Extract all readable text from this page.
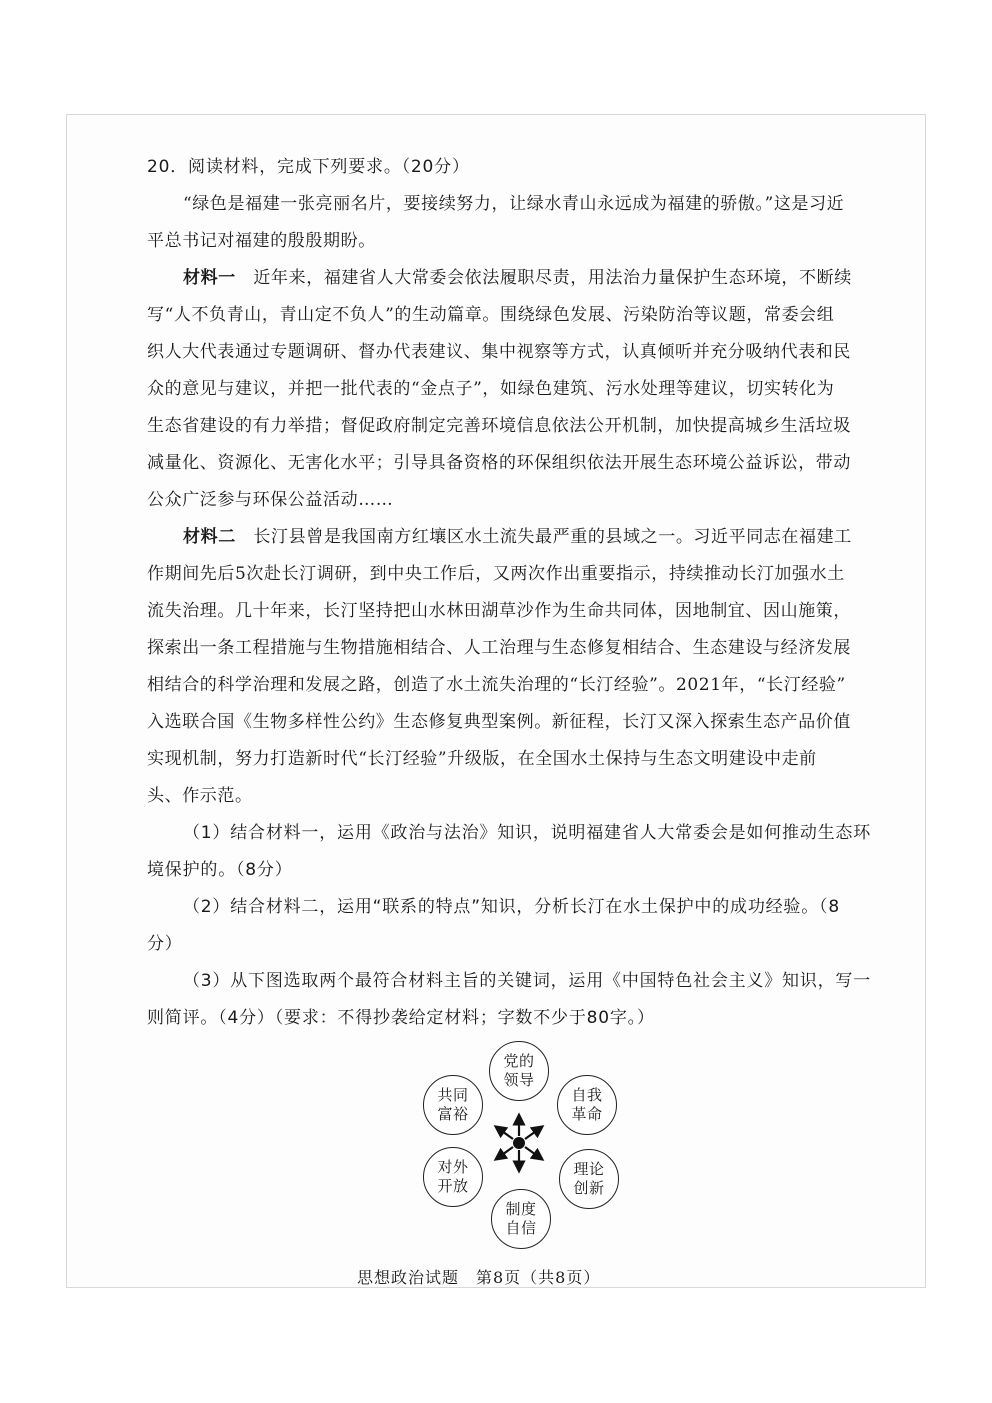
20．阅读材料，完成下列要求。（20分）
“绿色是福建一张亮丽名片，要接续努力，让绿水青山永远成为福建的骄傲。”这是习近
平总书记对福建的殷殷期盼。
材料一　 近年来，福建省人大常委会依法履职尽责，用法治力量保护生态环境，不断续
写“人不负青山，青山定不负人”的生动篇章。围绕绿色发展、污染防治等议题，常委会组
织人大代表通过专题调研、督办代表建议、集中视察等方式，认真倾听并充分吸纳代表和民
众的意见与建议，并把一批代表的“金点子”，如绿色建筑、污水处理等建议，切实转化为
生态省建设的有力举措；督促政府制定完善环境信息依法公开机制，加快提高城乡生活垃圾
减量化、资源化、无害化水平；引导具备资格的环保组织依法开展生态环境公益诉讼，带动
公众广泛参与环保公益活动……
材料二　 长汀县曾是我国南方红壤区水土流失最严重的县域之一。习近平同志在福建工
作期间先后5次赴长汀调研，到中央工作后，又两次作出重要指示，持续推动长汀加强水土
流失治理。几十年来，长汀坚持把山水林田湖草沙作为生命共同体，因地制宜、因山施策，
探索出一条工程措施与生物措施相结合、人工治理与生态修复相结合、生态建设与经济发展
相结合的科学治理和发展之路，创造了水土流失治理的“长汀经验”。2021年，“长汀经验”
入选联合国《生物多样性公约》生态修复典型案例。新征程，长汀又深入探索生态产品价值
实现机制，努力打造新时代“长汀经验”升级版，在全国水土保持与生态文明建设中走前
头、作示范。
（1）结合材料一，运用《政治与法治》知识，说明福建省人大常委会是如何推动生态环
境保护的。（8分）
（2）结合材料二，运用“联系的特点”知识，分析长汀在水土保护中的成功经验。（8
分）
（3）从下图选取两个最符合材料主旨的关键词，运用《中国特色社会主义》知识，写一
则简评。（4分）（要求：不得抄袭给定材料；字数不少于80字。）
党的领导
自我革命
理论创新
制度自信
对外开放
共同富裕
思想政治试题　第8页（共8页）
